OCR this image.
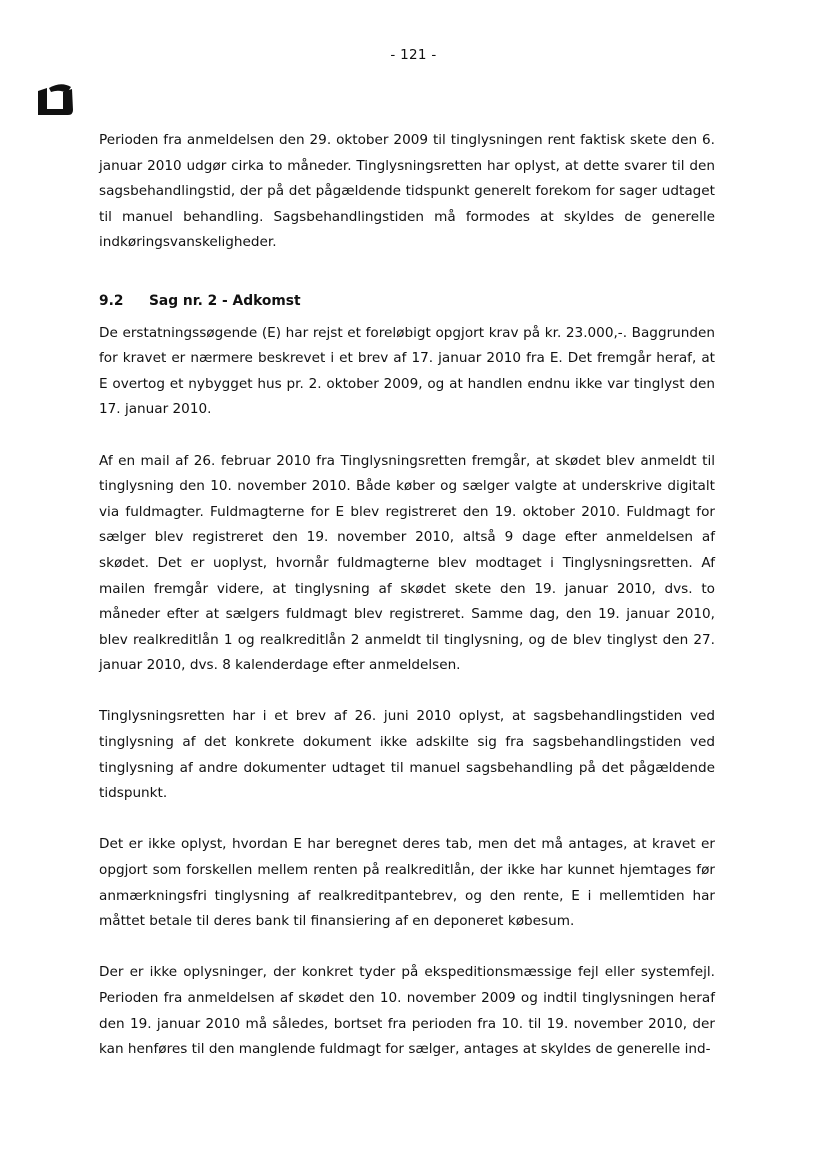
- 121 -

Perioden fra anmeldelsen den 29. oktober 2009 til tinglysningen rent faktisk skete den 6. januar 2010 udgør cirka to måneder. Tinglysningsretten har oplyst, at dette svarer til den sagsbehandlingstid, der på det pågældende tidspunkt generelt forekom for sager udtaget til manuel behandling. Sagsbehandlingstiden må formodes at skyldes de generelle indkøringsvanskeligheder.

9.2	Sag nr. 2 - Adkomst

De erstatningssøgende (E) har rejst et foreløbigt opgjort krav på kr. 23.000,-. Baggrunden for kravet er nærmere beskrevet i et brev af 17. januar 2010 fra E. Det fremgår heraf, at E overtog et nybygget hus pr. 2. oktober 2009, og at handlen endnu ikke var tinglyst den 17. januar 2010.

Af en mail af 26. februar 2010 fra Tinglysningsretten fremgår, at skødet blev anmeldt til tinglysning den 10. november 2010. Både køber og sælger valgte at underskrive digitalt via fuldmagter. Fuldmagterne for E blev registreret den 19. oktober 2010. Fuldmagt for sælger blev registreret den 19. november 2010, altså 9 dage efter anmeldelsen af skødet. Det er uoplyst, hvornår fuldmagterne blev modtaget i Tinglysningsretten. Af mailen fremgår videre, at tinglysning af skødet skete den 19. januar 2010, dvs. to måneder efter at sælgers fuldmagt blev registreret. Samme dag, den 19. januar 2010, blev realkreditlån 1 og realkreditlån 2 anmeldt til tinglysning, og de blev tinglyst den 27. januar 2010, dvs. 8 kalenderdage efter anmeldelsen.

Tinglysningsretten har i et brev af 26. juni 2010 oplyst, at sagsbehandlingstiden ved tinglysning af det konkrete dokument ikke adskilte sig fra sagsbehandlingstiden ved tinglysning af andre dokumenter udtaget til manuel sagsbehandling på det pågældende tidspunkt.

Det er ikke oplyst, hvordan E har beregnet deres tab, men det må antages, at kravet er opgjort som forskellen mellem renten på realkreditlån, der ikke har kunnet hjemtages før anmærkningsfri tinglysning af realkreditpantebrev, og den rente, E i mellemtiden har måttet betale til deres bank til finansiering af en deponeret købesum.

Der er ikke oplysninger, der konkret tyder på ekspeditionsmæssige fejl eller systemfejl. Perioden fra anmeldelsen af skødet den 10. november 2009 og indtil tinglysningen heraf den 19. januar 2010 må således, bortset fra perioden fra 10. til 19. november 2010, der kan henføres til den manglende fuldmagt for sælger, antages at skyldes de generelle ind-
